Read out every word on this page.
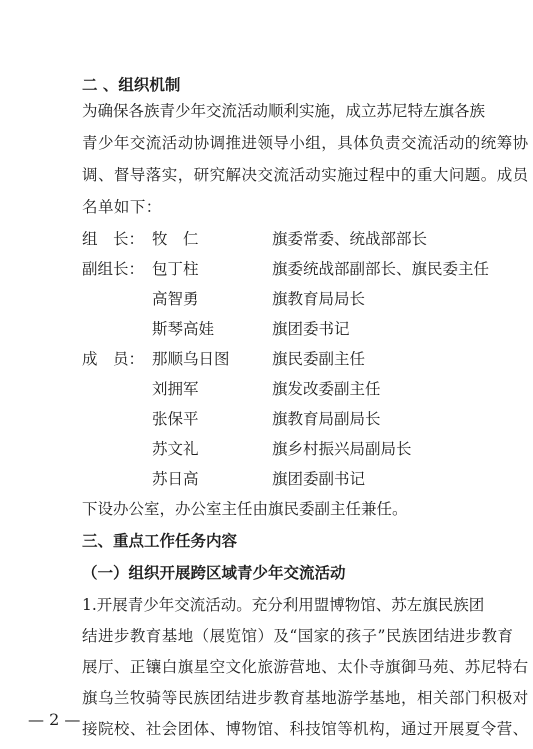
二 、组织机制
为确保各族青少年交流活动顺利实施，成立苏尼特左旗各族
青少年交流活动协调推进领导小组，具体负责交流活动的统筹协
调、督导落实，研究解决交流活动实施过程中的重大问题。成员
名单如下：
组　长： 牧　仁	旗委常委、统战部部长
副组长： 包丁柱	旗委统战部副部长、旗民委主任
高智勇	旗教育局局长
斯琴高娃	旗团委书记
成　员： 那顺乌日图	旗民委副主任
刘拥军	旗发改委副主任
张保平	旗教育局副局长
苏文礼	旗乡村振兴局副局长
苏日高	旗团委副书记
下设办公室，办公室主任由旗民委副主任兼任。
三、重点工作任务内容
（一）组织开展跨区域青少年交流活动
1.开展青少年交流活动。充分利用盟博物馆、苏左旗民族团
结进步教育基地（展览馆）及“国家的孩子”民族团结进步教育
展厅、正镶白旗星空文化旅游营地、太仆寺旗御马苑、苏尼特右
旗乌兰牧骑等民族团结进步教育基地游学基地，相关部门积极对
接院校、社会团体、博物馆、科技馆等机构，通过开展夏令营、
— 2 —
